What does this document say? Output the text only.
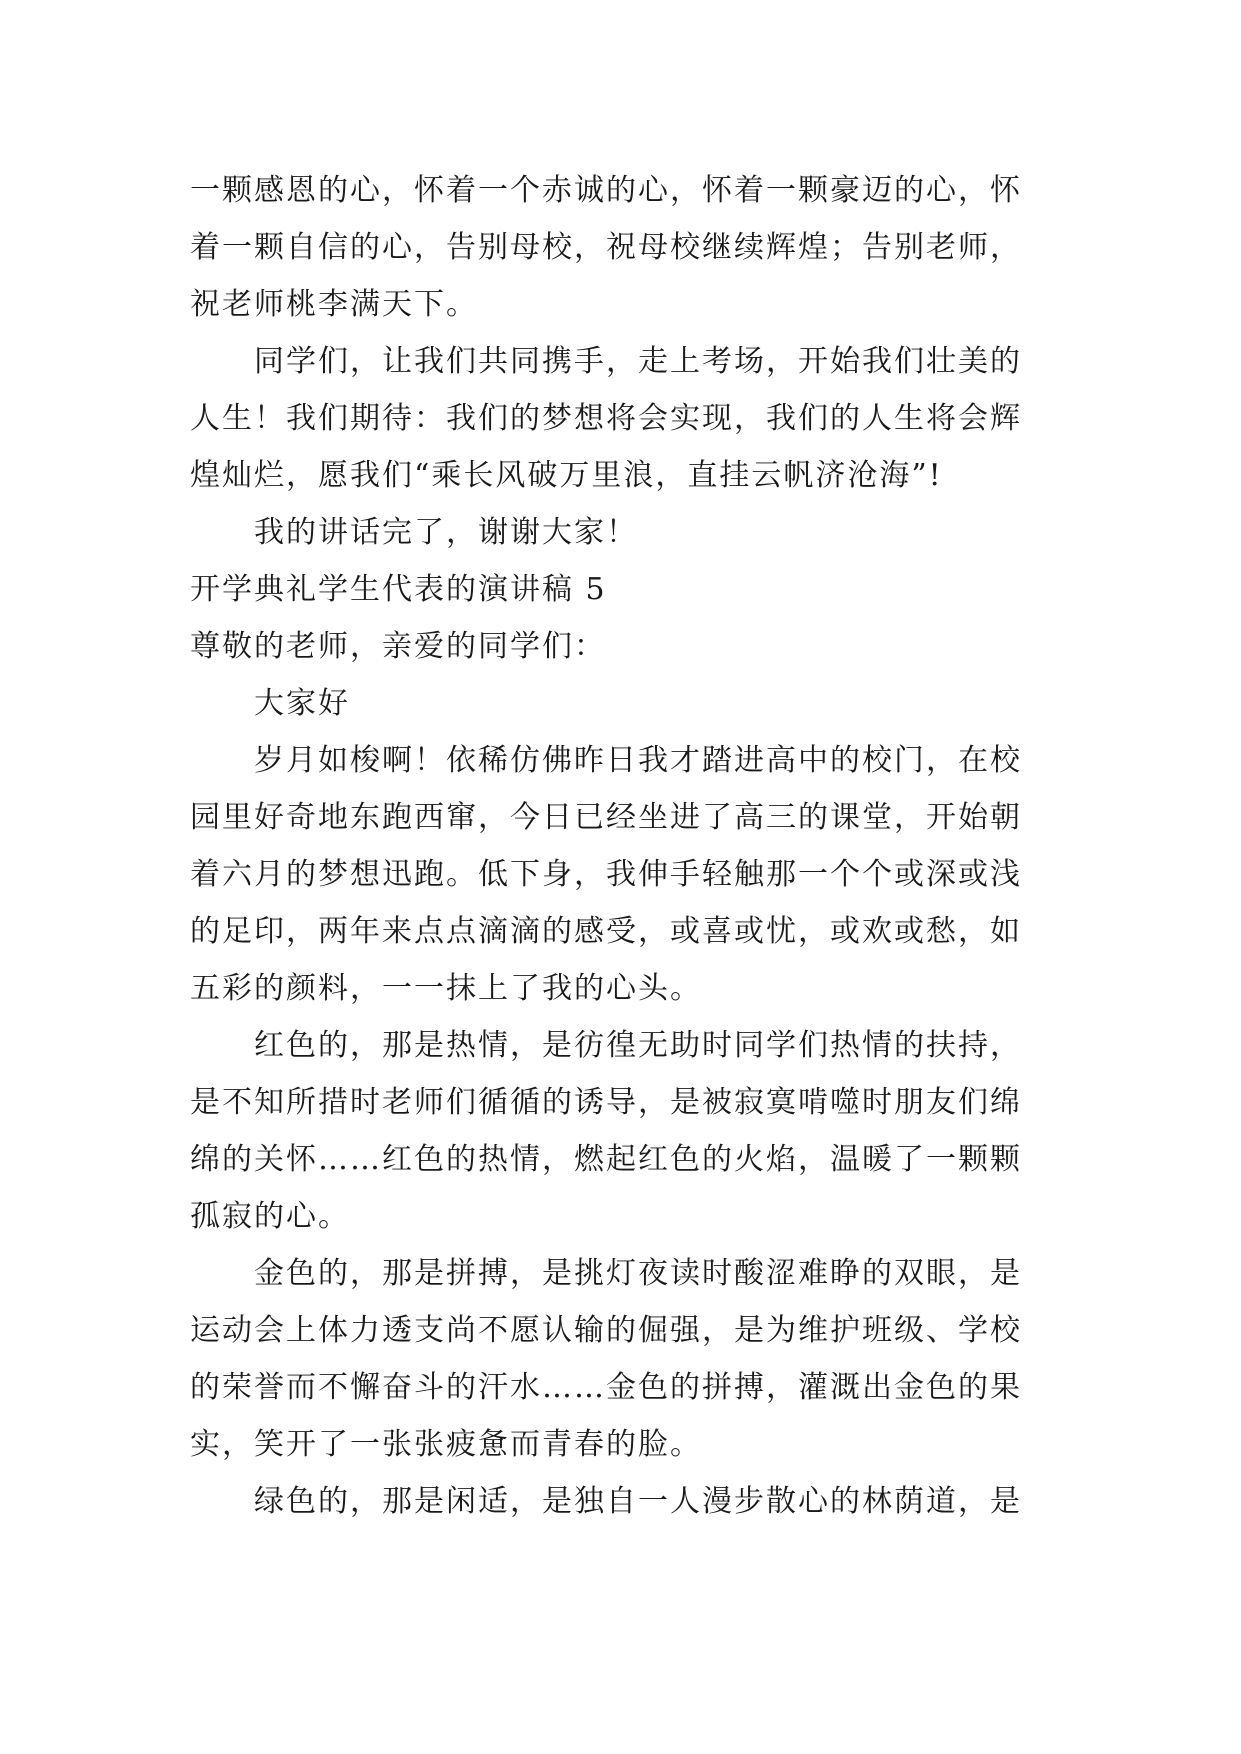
一颗感恩的心，怀着一个赤诚的心，怀着一颗豪迈的心，怀
着一颗自信的心，告别母校，祝母校继续辉煌；告别老师，
祝老师桃李满天下。
同学们，让我们共同携手，走上考场，开始我们壮美的
人生！我们期待：我们的梦想将会实现，我们的人生将会辉
煌灿烂，愿我们“乘长风破万里浪，直挂云帆济沧海”!
我的讲话完了，谢谢大家！
开学典礼学生代表的演讲稿 5
尊敬的老师，亲爱的同学们：
大家好
岁月如梭啊！依稀仿佛昨日我才踏进高中的校门，在校
园里好奇地东跑西窜，今日已经坐进了高三的课堂，开始朝
着六月的梦想迅跑。低下身，我伸手轻触那一个个或深或浅
的足印，两年来点点滴滴的感受，或喜或忧，或欢或愁，如
五彩的颜料，一一抹上了我的心头。
红色的，那是热情，是彷徨无助时同学们热情的扶持，
是不知所措时老师们循循的诱导，是被寂寞啃噬时朋友们绵
绵的关怀……红色的热情，燃起红色的火焰，温暖了一颗颗
孤寂的心。
金色的，那是拼搏，是挑灯夜读时酸涩难睁的双眼，是
运动会上体力透支尚不愿认输的倔强，是为维护班级、学校
的荣誉而不懈奋斗的汗水……金色的拼搏，灌溉出金色的果
实，笑开了一张张疲惫而青春的脸。
绿色的，那是闲适，是独自一人漫步散心的林荫道，是
